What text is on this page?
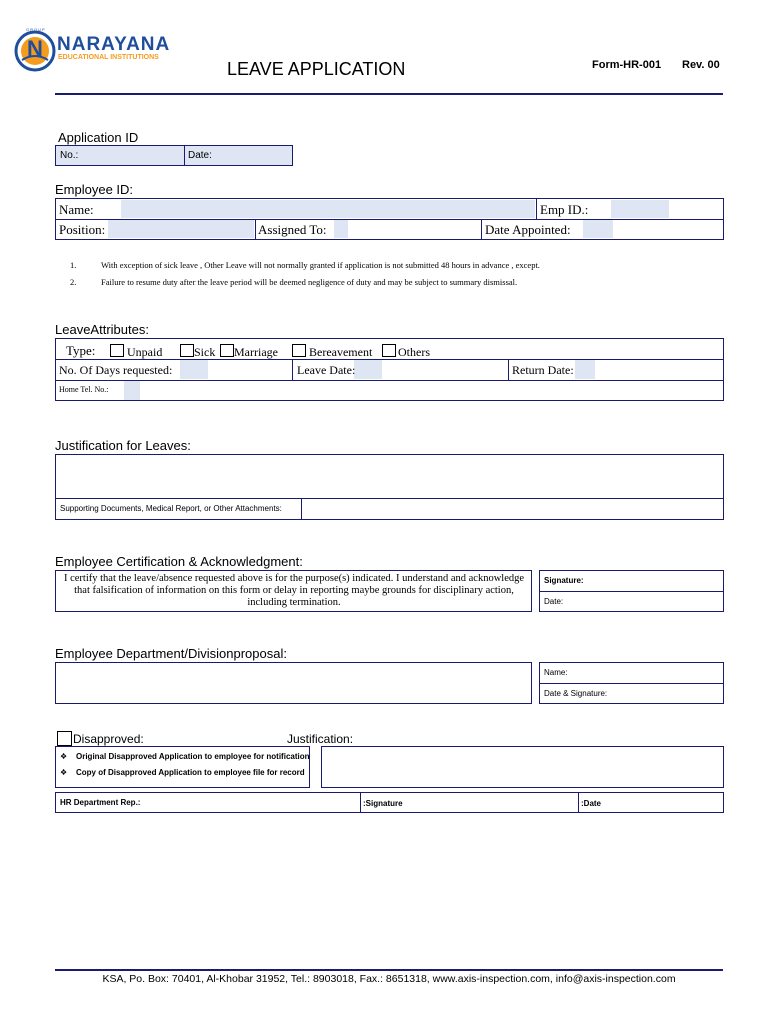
N
GROUP
NARAYANA
EDUCATIONAL INSTITUTIONS
LEAVE APPLICATION	Form-HR-001 Rev. 00
Application ID
No.:	Date:
Employee ID:
Name:	Emp ID.:
Position:	Assigned To:	Date Appointed:
1.	With exception of sick leave , Other Leave will not normally granted if application is not submitted 48 hours in advance , except.
2.	Failure to resume duty after the leave period will be deemed negligence of duty and may be subject to summary dismissal.
LeaveAttributes:
Type:	Unpaid	Sick Marriage	Bereavement Others
No. Of Days requested:	Leave Date:	Return Date:
Home Tel. No.:
Justification for Leaves:
Supporting Documents, Medical Report, or Other Attachments:
Employee Certification & Acknowledgment:
I certify that the leave/absence requested above is for the purpose(s) indicated. I understand and acknowledge that falsification of information on this form or delay in reporting maybe grounds for disciplinary action, including termination.
Signature:
Date:
Employee Department/Divisionproposal:
Name:
Date & Signature:
Disapproved:	Justification:
❖ Original Disapproved Application to employee for notification
❖ Copy of Disapproved Application to employee file for record
HR Department Rep.:	:Signature	:Date
KSA, Po. Box: 70401, Al-Khobar 31952, Tel.: 8903018, Fax.: 8651318, www.axis-inspection.com, info@axis-inspection.com
